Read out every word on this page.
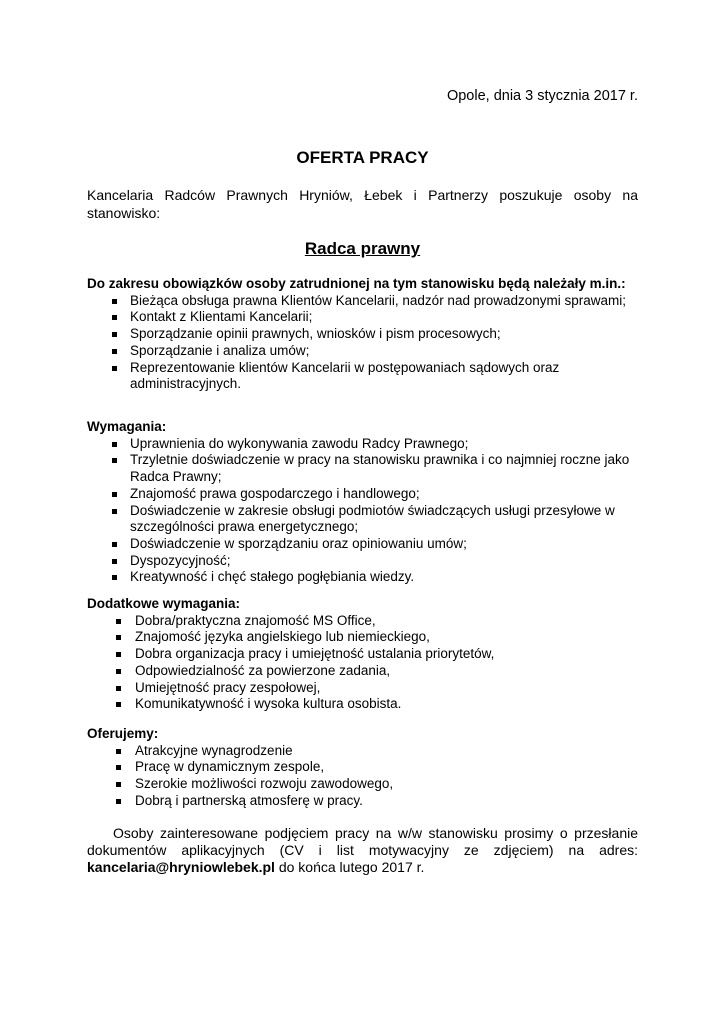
Opole, dnia 3 stycznia 2017 r.
OFERTA PRACY
Kancelaria Radców Prawnych Hryniów, Łebek i Partnerzy poszukuje osoby na stanowisko:
Radca prawny

Do zakresu obowiązków osoby zatrudnionej na tym stanowisku będą należały m.in.:

Bieżąca obsługa prawna Klientów Kancelarii, nadzór nad prowadzonymi sprawami;
Kontakt z Klientami Kancelarii;
Sporządzanie opinii prawnych, wniosków i pism procesowych;
Sporządzanie i analiza umów;
Reprezentowanie klientów Kancelarii w postępowaniach sądowych oraz administracyjnych.

Wymagania:

Uprawnienia do wykonywania zawodu Radcy Prawnego;
Trzyletnie doświadczenie w pracy na stanowisku prawnika i co najmniej roczne jako Radca Prawny;
Znajomość prawa gospodarczego i handlowego;
Doświadczenie w zakresie obsługi podmiotów świadczących usługi przesyłowe w szczególności prawa energetycznego;
Doświadczenie w sporządzaniu oraz opiniowaniu umów;
Dyspozycyjność;
Kreatywność i chęć stałego pogłębiania wiedzy.

Dodatkowe wymagania:

Dobra/praktyczna znajomość MS Office,
Znajomość języka angielskiego lub niemieckiego,
Dobra organizacja pracy i umiejętność ustalania priorytetów,
Odpowiedzialność za powierzone zadania,
Umiejętność pracy zespołowej,
Komunikatywność i wysoka kultura osobista.

Oferujemy:

Atrakcyjne wynagrodzenie
Pracę w dynamicznym zespole,
Szerokie możliwości rozwoju zawodowego,
Dobrą i partnerską atmosferę w pracy.
Osoby zainteresowane podjęciem pracy na w/w stanowisku prosimy o przesłanie dokumentów aplikacyjnych (CV i list motywacyjny ze zdjęciem) na adres: kancelaria@hryniowlebek.pl do końca lutego 2017 r.
